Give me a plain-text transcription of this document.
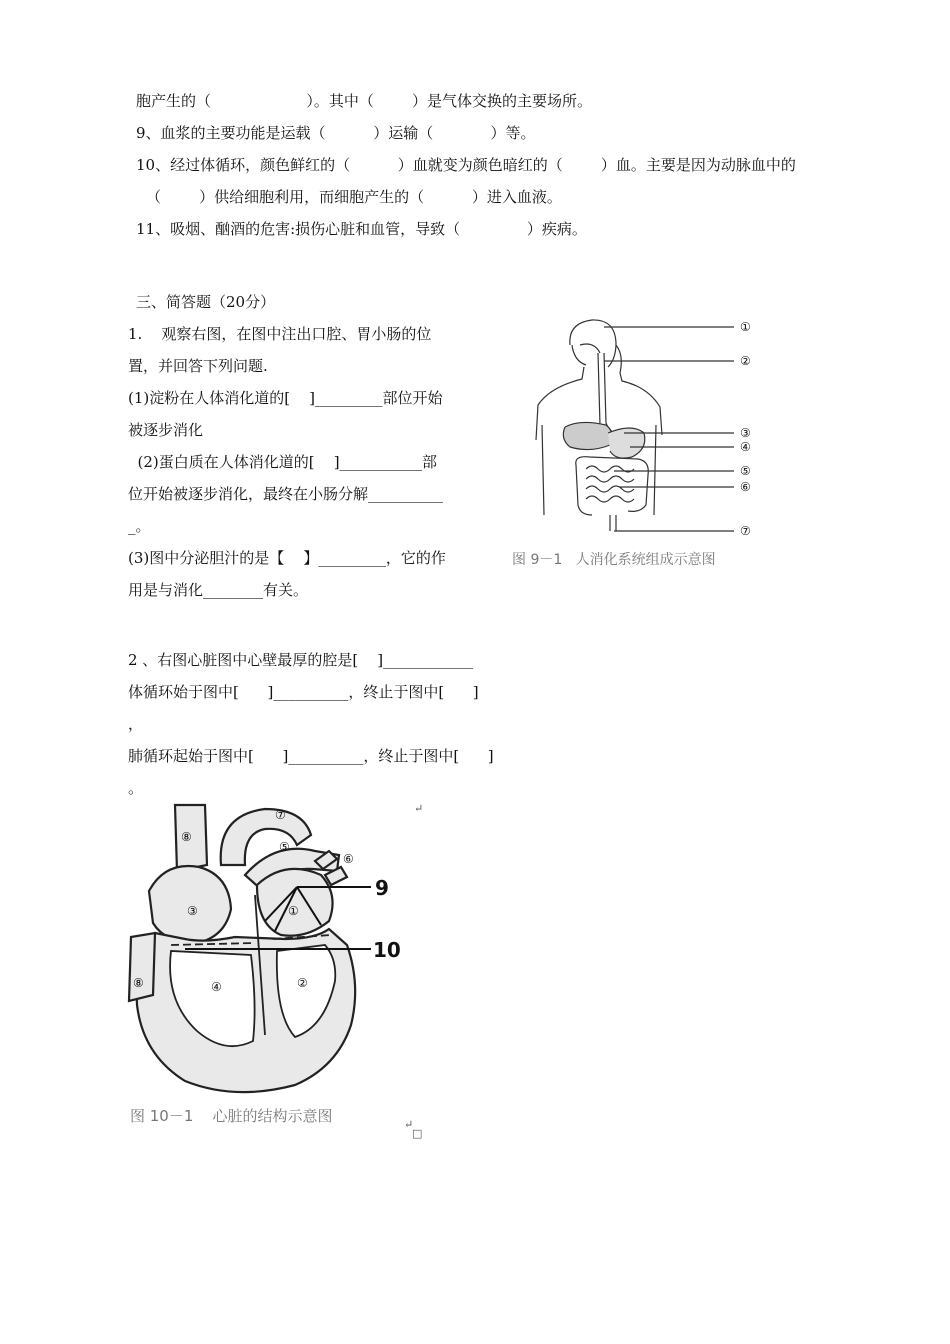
胞产生的（                    ）。其中（        ）是气体交换的主要场所。
9、血浆的主要功能是运载（          ）运输（            ）等。
10、经过体循环，颜色鲜红的（          ）血就变为颜色暗红的（        ）血。主要是因为动脉血中的
（        ）供给细胞利用，而细胞产生的（          ）进入血液。
11、吸烟、酗酒的危害:损伤心脏和血管，导致（              ）疾病。
三、简答题（20分）
1.    观察右图，在图中注出口腔、胃小肠的位
置，并回答下列问题.
(1)淀粉在人体消化道的[    ]_________部位开始
被逐步消化
(2)蛋白质在人体消化道的[    ]___________部
位开始被逐步消化，最终在小肠分解__________
_。
(3)图中分泌胆汁的是【    】_________，它的作
用是与消化________有关。
①
②
③
④
⑤
⑥
⑦
图 9－1   人消化系统组成示意图
2 、右图心脏图中心壁最厚的腔是[    ]____________
体循环始于图中[      ]__________，终止于图中[      ]
，
肺循环起始于图中[      ]__________，终止于图中[      ]
。
↵
①
②
③
④
⑤
⑥
⑦
⑧
⑧
9
10
图 10－1    心脏的结构示意图	↵
□
